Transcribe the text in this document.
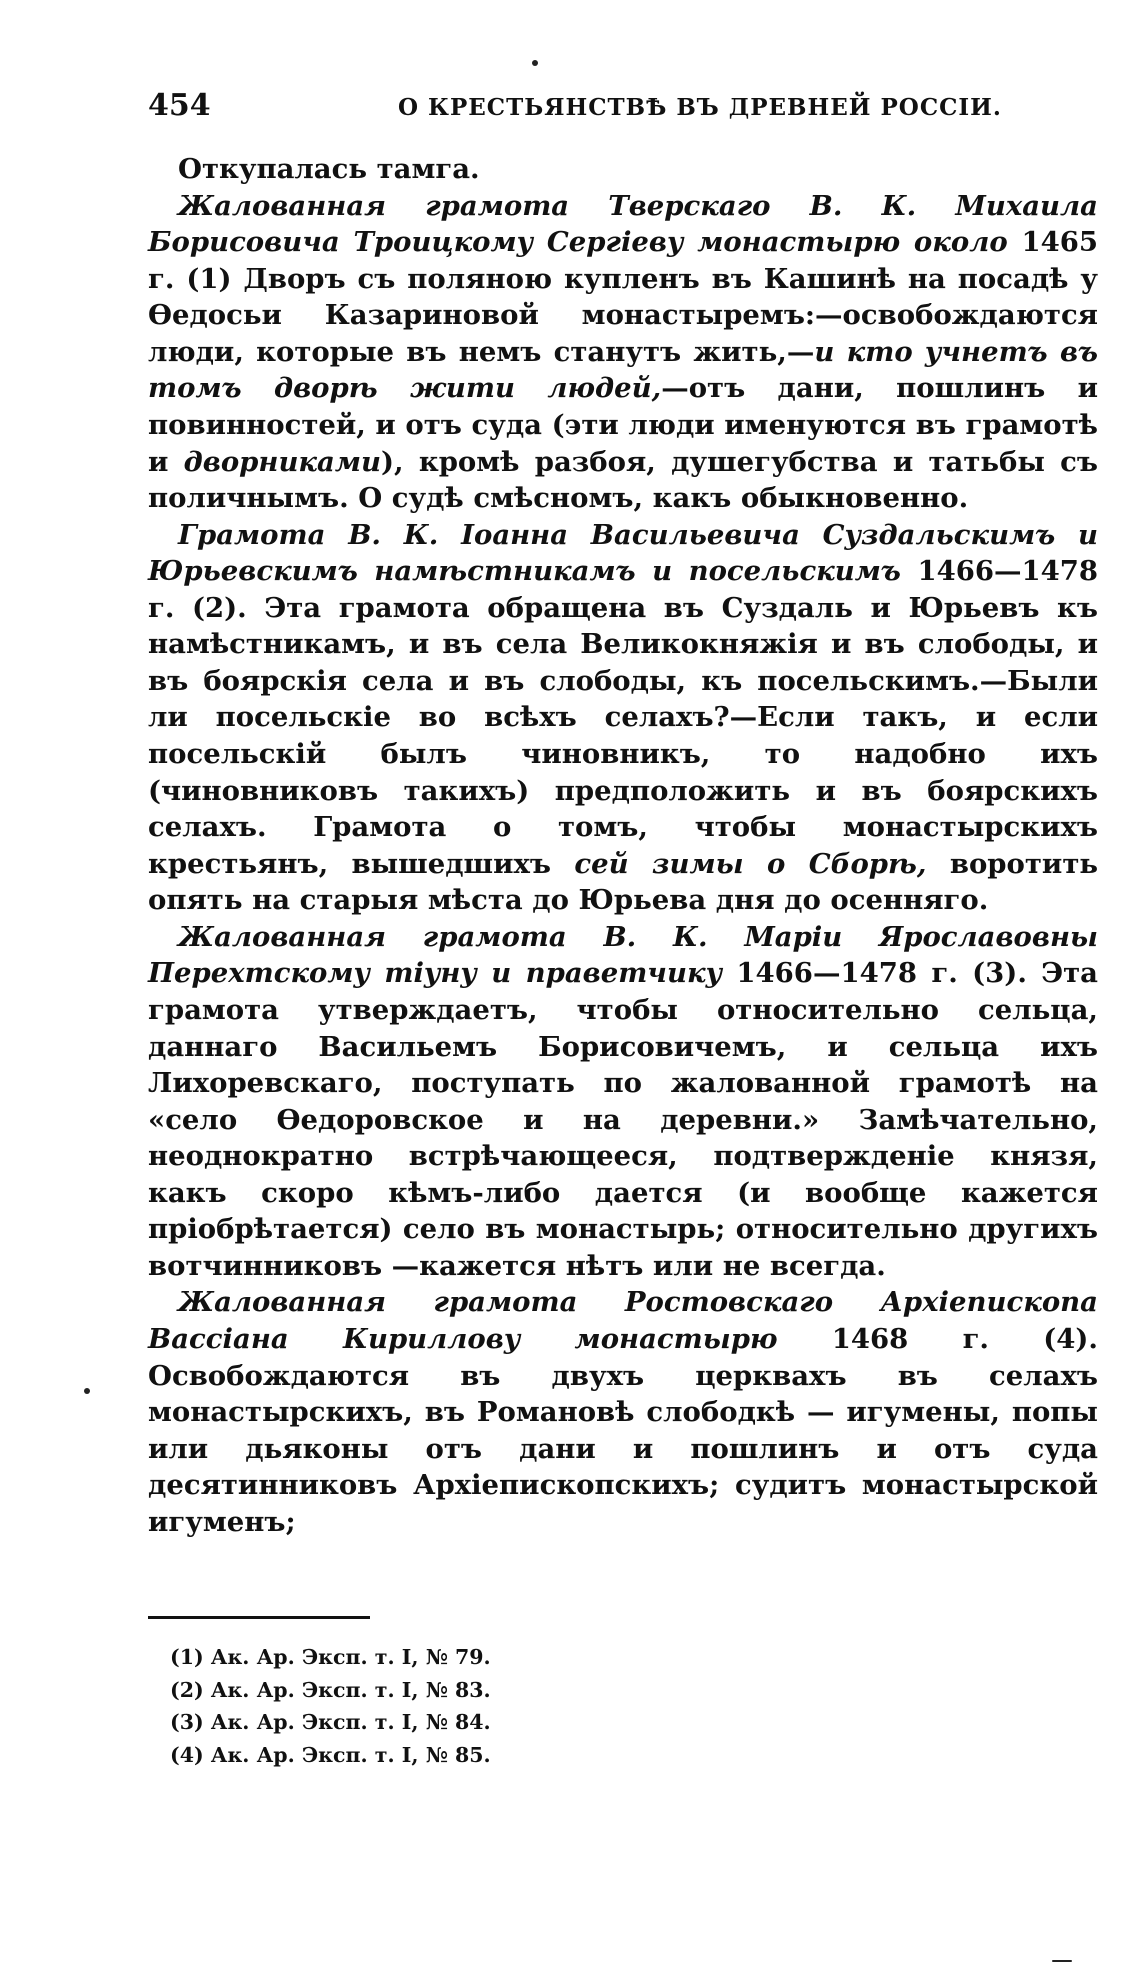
454	О КРЕСТЬЯНСТВѢ ВЪ ДРЕВНЕЙ РОССІИ.

Откупалась тамга.

Жалованная грамота Тверскаго В. К. Михаила Борисовича Троицкому Сергіеву монастырю около 1465 г. (1) Дворъ съ поляною купленъ въ Кашинѣ на посадѣ у Ѳедосьи Казариновой монастыремъ:—освобождаются люди, которые въ немъ станутъ жить,—и кто учнетъ въ томъ дворѣ жити людей,—отъ дани, пошлинъ и повинностей, и отъ суда (эти люди именуются въ грамотѣ и дворниками), кромѣ разбоя, душегубства и татьбы съ поличнымъ. О судѣ смѣсномъ, какъ обыкновенно.

Грамота В. К. Іоанна Васильевича Суздальскимъ и Юрьевскимъ намѣстникамъ и посельскимъ 1466—1478 г. (2). Эта грамота обращена въ Суздаль и Юрьевъ къ намѣстникамъ, и въ села Великокняжія и въ слободы, и въ боярскія села и въ слободы, къ посельскимъ.—Были ли посельскіе во всѣхъ селахъ?—Если такъ, и если посельскій былъ чиновникъ, то надобно ихъ (чиновниковъ такихъ) предположить и въ боярскихъ селахъ. Грамота о томъ, чтобы монастырскихъ крестьянъ, вышедшихъ сей зимы о Сборѣ, воротить опять на старыя мѣста до Юрьева дня до осенняго.

Жалованная грамота В. К. Маріи Ярославовны Перехтскому тіуну и праветчику 1466—1478 г. (3). Эта грамота утверждаетъ, чтобы относительно сельца, даннаго Васильемъ Борисовичемъ, и сельца ихъ Лихоревскаго, поступать по жалованной грамотѣ на «село Ѳедоровское и на деревни.» Замѣчательно, неоднократно встрѣчающееся, подтвержденіе князя, какъ скоро кѣмъ-либо дается (и вообще кажется пріобрѣтается) село въ монастырь; относительно другихъ вотчинниковъ —кажется нѣтъ или не всегда.

Жалованная грамота Ростовскаго Архіепископа Вассіана Кириллову монастырю 1468 г. (4). Освобождаются въ двухъ церквахъ въ селахъ монастырскихъ, въ Романовѣ слободкѣ — игумены, попы или дьяконы отъ дани и пошлинъ и отъ суда десятинниковъ Архіепископскихъ; судитъ монастырской игуменъ;

(1) Ак. Ар. Эксп. т. I, № 79.
(2) Ак. Ар. Эксп. т. I, № 83.
(3) Ак. Ар. Эксп. т. I, № 84.
(4) Ак. Ар. Эксп. т. I, № 85.
